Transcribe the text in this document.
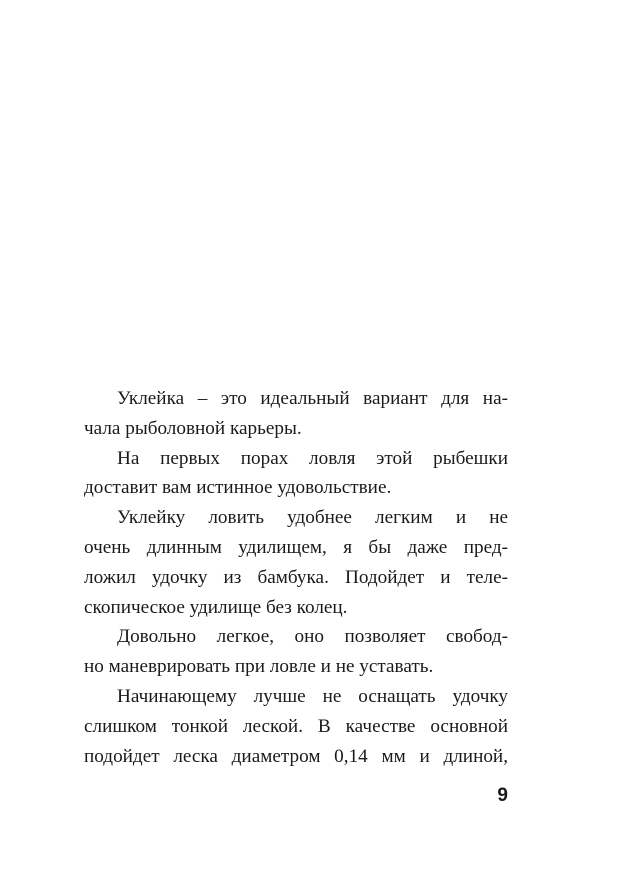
Уклейка – это идеальный вариант для на-
чала рыболовной карьеры.
На первых порах ловля этой рыбешки
доставит вам истинное удовольствие.
Уклейку ловить удобнее легким и не
очень длинным удилищем, я бы даже пред-
ложил удочку из бамбука. Подойдет и теле-
скопическое удилище без колец.
Довольно легкое, оно позволяет свобод-
но маневрировать при ловле и не уставать.
Начинающему лучше не оснащать удочку
слишком тонкой леской. В качестве основной
подойдет леска диаметром 0,14 мм и длиной,
9
